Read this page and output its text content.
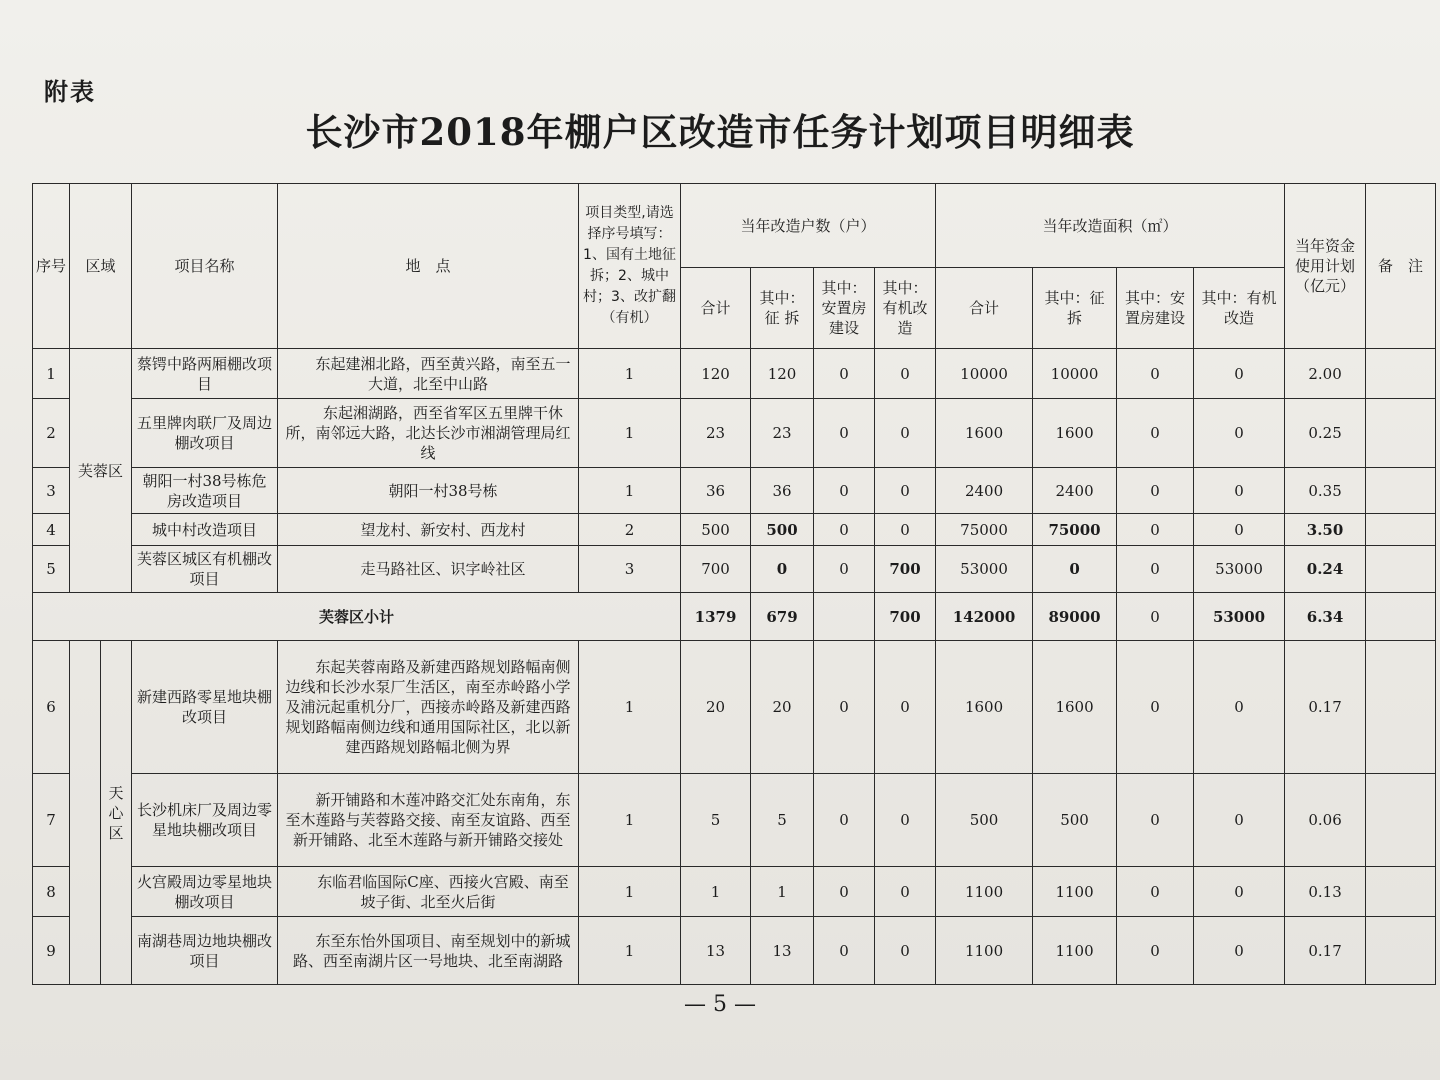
附表
长沙市2018年棚户区改造市任务计划项目明细表
序号	区域		项目名称	地　点	项目类型,请选择序号填写：1、国有土地征拆；2、城中村；3、改扩翻（有机）	当年改造户数（户）				当年改造面积（㎡）				当年资金使用计划（亿元）	备　注
						合计	其中：征 拆	其中：安置房建设	其中：有机改造	合计	其中：征 拆	其中：安置房建设	其中：有机改造		
1	芙蓉区		蔡锷中路两厢棚改项目	东起建湘北路，西至黄兴路，南至五一大道，北至中山路	1	120	120	0	0	10000	10000	0	0	2.00	
2			五里牌肉联厂及周边棚改项目	东起湘湖路，西至省军区五里牌干休所，南邻远大路，北达长沙市湘湖管理局红线	1	23	23	0	0	1600	1600	0	0	0.25	
3			朝阳一村38号栋危房改造项目	朝阳一村38号栋	1	36	36	0	0	2400	2400	0	0	0.35	
4			城中村改造项目	望龙村、新安村、西龙村	2	500	500	0	0	75000	75000	0	0	3.50	
5			芙蓉区城区有机棚改项目	走马路社区、识字岭社区	3	700	0	0	700	53000	0	0	53000	0.24	
芙蓉区小计						1379	679		700	142000	89000	0	53000	6.34	
6		天心区	新建西路零星地块棚改项目	东起芙蓉南路及新建西路规划路幅南侧边线和长沙水泵厂生活区，南至赤岭路小学及浦沅起重机分厂，西接赤岭路及新建西路规划路幅南侧边线和通用国际社区，北以新建西路规划路幅北侧为界	1	20	20	0	0	1600	1600	0	0	0.17	
7			长沙机床厂及周边零星地块棚改项目	新开铺路和木莲冲路交汇处东南角，东至木莲路与芙蓉路交接、南至友谊路、西至新开铺路、北至木莲路与新开铺路交接处	1	5	5	0	0	500	500	0	0	0.06	
8			火宫殿周边零星地块棚改项目	东临君临国际C座、西接火宫殿、南至坡子街、北至火后街	1	1	1	0	0	1100	1100	0	0	0.13	
9			南湖巷周边地块棚改项目	东至东怡外国项目、南至规划中的新城路、西至南湖片区一号地块、北至南湖路	1	13	13	0	0	1100	1100	0	0	0.17	
— 5 —
